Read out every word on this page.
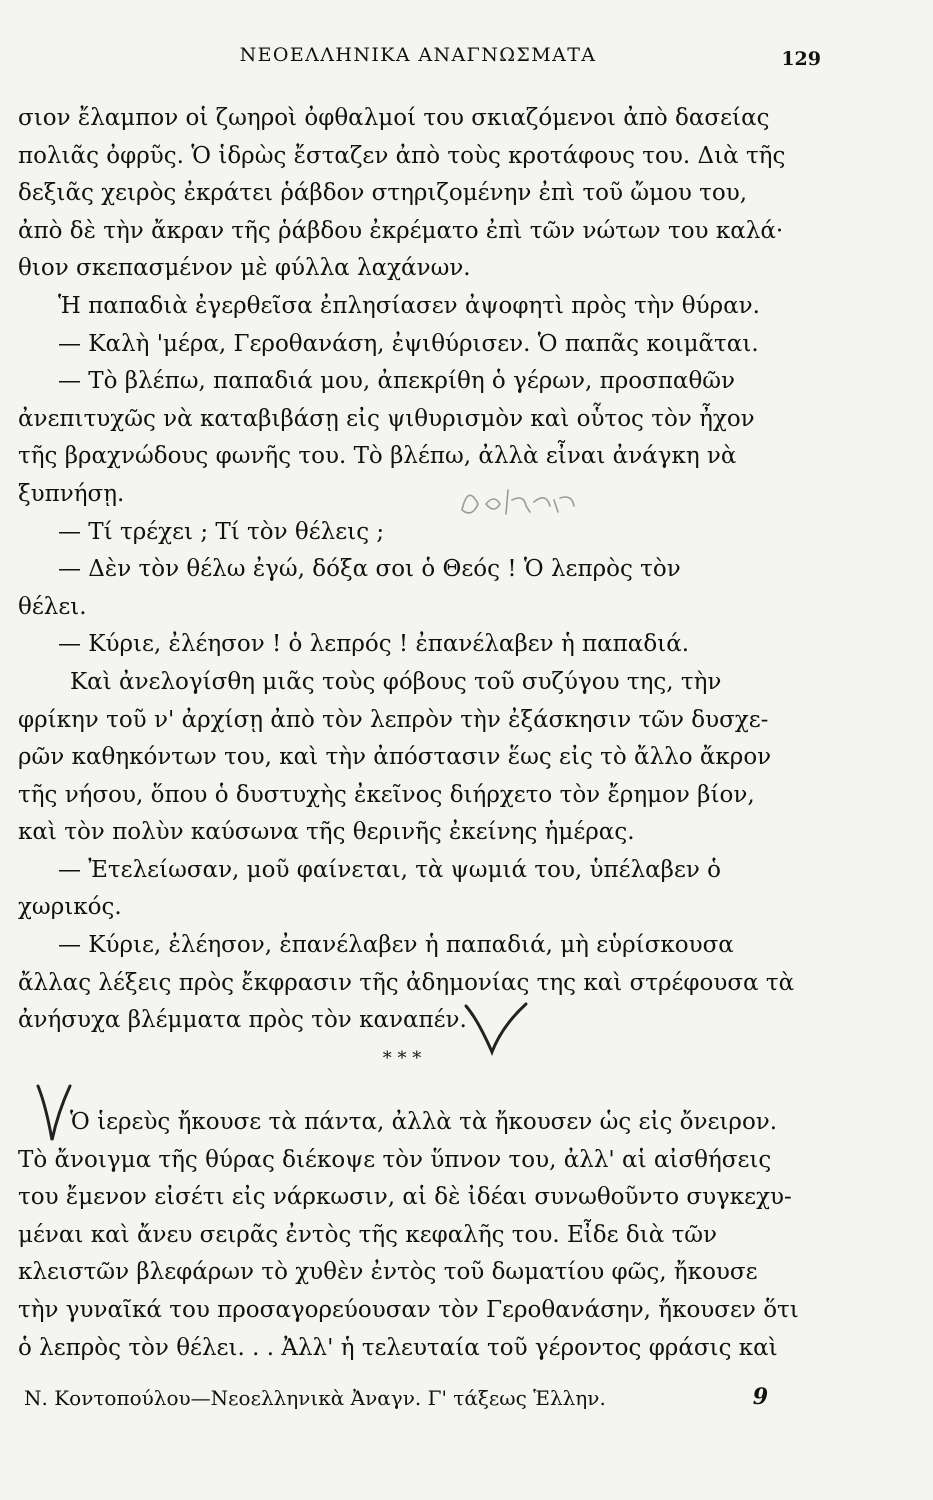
ΝΕΟΕΛΛΗΝΙΚΑ ΑΝΑΓΝΩΣΜΑΤΑ	129
σιον ἔλαμπον οἱ ζωηροὶ ὀφθαλμοί του σκιαζόμενοι ἀπὸ δασείας
πολιᾶς ὀφρῦς. Ὁ ἱδρὼς ἔσταζεν ἀπὸ τοὺς κροτάφους του. Διὰ τῆς
δεξιᾶς χειρὸς ἐκράτει ῥάβδον στηριζομένην ἐπὶ τοῦ ὤμου του,
ἀπὸ δὲ τὴν ἄκραν τῆς ῥάβδου ἐκρέματο ἐπὶ τῶν νώτων του καλά·
θιον σκεπασμένον μὲ φύλλα λαχάνων.
Ἡ παπαδιὰ ἐγερθεῖσα ἐπλησίασεν ἀψοφητὶ πρὸς τὴν θύραν.
— Καλὴ 'μέρα, Γεροθανάση, ἐψιθύρισεν. Ὁ παπᾶς κοιμᾶται.
— Τὸ βλέπω, παπαδιά μου, ἀπεκρίθη ὁ γέρων, προσπαθῶν
ἀνεπιτυχῶς νὰ καταβιβάσῃ εἰς ψιθυρισμὸν καὶ οὗτος τὸν ἦχον
τῆς βραχνώδους φωνῆς του. Τὸ βλέπω, ἀλλὰ εἶναι ἀνάγκη νὰ
ξυπνήσῃ.
— Τί τρέχει ; Τί τὸν θέλεις ;
— Δὲν τὸν θέλω ἐγώ, δόξα σοι ὁ Θεός ! Ὁ λεπρὸς τὸν
θέλει.
— Κύριε, ἐλέησον ! ὁ λεπρός ! ἐπανέλαβεν ἡ παπαδιά.
Καὶ ἀνελογίσθη μιᾶς τοὺς φόβους τοῦ συζύγου της, τὴν
φρίκην τοῦ ν' ἀρχίσῃ ἀπὸ τὸν λεπρὸν τὴν ἐξάσκησιν τῶν δυσχε-
ρῶν καθηκόντων του, καὶ τὴν ἀπόστασιν ἕως εἰς τὸ ἄλλο ἄκρον
τῆς νήσου, ὅπου ὁ δυστυχὴς ἐκεῖνος διήρχετο τὸν ἔρημον βίον,
καὶ τὸν πολὺν καύσωνα τῆς θερινῆς ἐκείνης ἡμέρας.
— Ἐτελείωσαν, μοῦ φαίνεται, τὰ ψωμιά του, ὑπέλαβεν ὁ
χωρικός.
— Κύριε, ἐλέησον, ἐπανέλαβεν ἡ παπαδιά, μὴ εὑρίσκουσα
ἄλλας λέξεις πρὸς ἔκφρασιν τῆς ἀδημονίας της καὶ στρέφουσα τὰ
ἀνήσυχα βλέμματα πρὸς τὸν καναπέν.
* * *
Ὁ ἱερεὺς ἤκουσε τὰ πάντα, ἀλλὰ τὰ ἤκουσεν ὡς εἰς ὄνειρον.
Τὸ ἄνοιγμα τῆς θύρας διέκοψε τὸν ὕπνον του, ἀλλ' αἱ αἰσθήσεις
του ἔμενον εἰσέτι εἰς νάρκωσιν, αἱ δὲ ἰδέαι συνωθοῦντο συγκεχυ-
μέναι καὶ ἄνευ σειρᾶς ἐντὸς τῆς κεφαλῆς του. Εἶδε διὰ τῶν
κλειστῶν βλεφάρων τὸ χυθὲν ἐντὸς τοῦ δωματίου φῶς, ἤκουσε
τὴν γυναῖκά του προσαγορεύουσαν τὸν Γεροθανάσην, ἤκουσεν ὅτι
ὁ λεπρὸς τὸν θέλει. . . Ἀλλ' ἡ τελευταία τοῦ γέροντος φράσις καὶ
Ν. Κοντοπούλου—Νεοελληνικὰ Ἀναγν. Γ' τάξεως Ἑλλην.	9
